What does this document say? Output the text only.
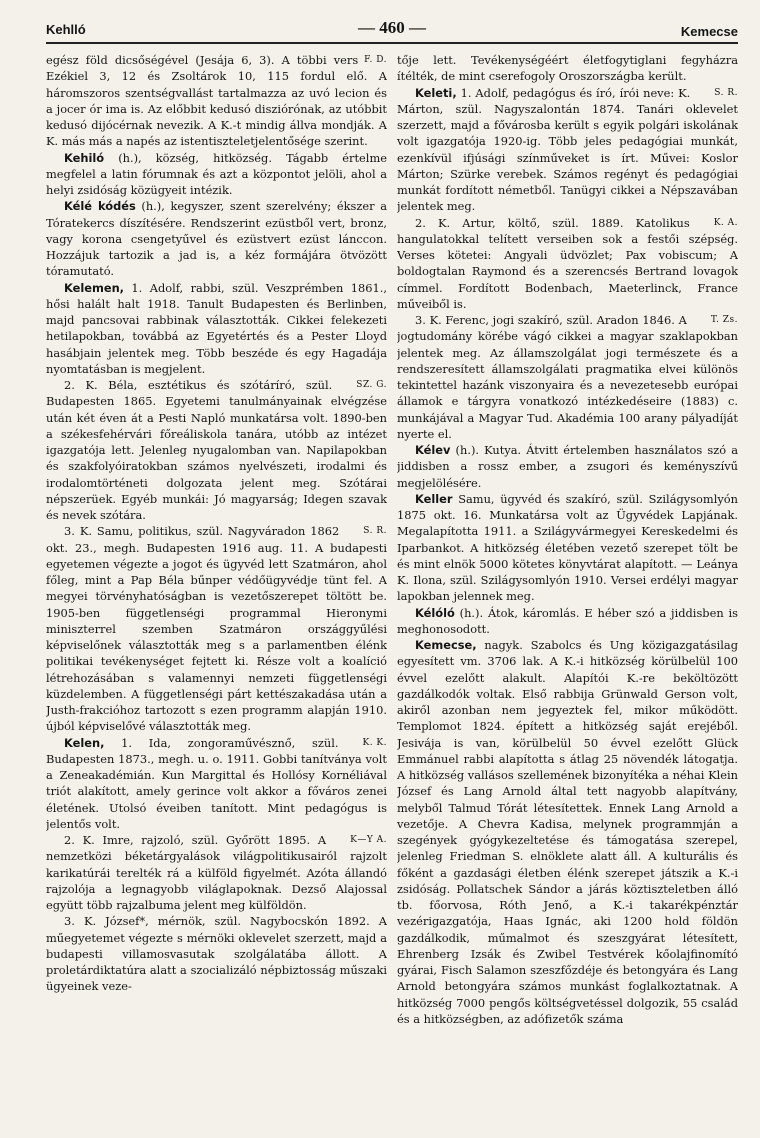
Kehlló	— 460 —	Kemecse

F. D.
egész föld dicsőségével (Jesája 6, 3). A többi vers Ezékiel 3, 12 és Zsoltárok 10, 115 fordul elő. A háromszoros szentségvallást tartalmazza az uvó lecion és a jocer ór ima is. Az előbbit kedusó disziórónak, az utóbbit kedusó dijócérnak nevezik. A K.-t mindig állva mondják. A K. más más a napés az istentiszteletjelentősége szerint.

Kehiló (h.), község, hitközség. Tágabb értelme megfelel a latin fórumnak és azt a központot jelöli, ahol a helyi zsidóság közügyeit intézik.

Kélé kódés (h.), kegyszer, szent szerelvény; ékszer a Tóratekercs díszítésére. Rendszerint ezüstből vert, bronz, vagy korona csengetyűvel és ezüstvert ezüst lánccon. Hozzájuk tartozik a jad is, a kéz formájára ötvözött tóramutató.

Kelemen, 1. Adolf, rabbi, szül. Veszprémben 1861., hősi halált halt 1918. Tanult Budapesten és Berlinben, majd pancsovai rabbinak választották. Cikkei felekezeti hetilapokban, továbbá az Egyetértés és a Pester Lloyd hasábjain jelentek meg. Több beszéde és egy Hagadája nyomtatásban is megjelent.

SZ. G.
2. K. Béla, esztétikus és szótáríró, szül. Budapesten 1865. Egyetemi tanulmányainak elvégzése után két éven át a Pesti Napló munkatársa volt. 1890-ben a székesfehérvári főreáliskola tanára, utóbb az intézet igazgatója lett. Jelenleg nyugalomban van. Napilapokban és szakfolyóiratokban számos nyelvészeti, irodalmi és irodalomtörténeti dolgozata jelent meg. Szótárai népszerüek. Egyéb munkái: Jó magyarság; Idegen szavak és nevek szótára.

S. R.
3. K. Samu, politikus, szül. Nagyváradon 1862 okt. 23., megh. Budapesten 1916 aug. 11. A budapesti egyetemen végezte a jogot és ügyvéd lett Szatmáron, ahol főleg, mint a Pap Béla bűnper védőügyvédje tünt fel. A megyei törvényhatóságban is vezetőszerepet töltött be. 1905-ben függetlenségi programmal Hieronymi miniszterrel szemben Szatmáron országgyűlési képviselőnek választották meg s a parlamentben élénk politikai tevékenységet fejtett ki. Része volt a koalíció létrehozásában s valamennyi nemzeti függetlenségi küzdelemben. A függetlenségi párt kettészakadása után a Justh-frakcióhoz tartozott s ezen programm alapján 1910. újból képviselővé választották meg.

K. K.
Kelen, 1. Ida, zongoraművésznő, szül. Budapesten 1873., megh. u. o. 1911. Gobbi tanítványa volt a Zeneakadémián. Kun Margittal és Hollósy Kornéliával triót alakított, amely gerince volt akkor a főváros zenei életének. Utolsó éveiben tanított. Mint pedagógus is jelentős volt.

K—Y A.
2. K. Imre, rajzoló, szül. Győrött 1895. A nemzetközi béketárgyalások világpolitikusairól rajzolt karikatúrái terelték rá a külföld figyelmét. Azóta állandó rajzolója a legnagyobb világlapoknak. Dezső Alajossal együtt több rajzalbuma jelent meg külföldön.

3. K. József*, mérnök, szül. Nagybocskón 1892. A műegyetemet végezte s mérnöki oklevelet szerzett, majd a budapesti villamosvasutak szolgálatába állott. A proletárdiktatúra alatt a szocializáló népbiztosság műszaki ügyeinek veze-

tője lett. Tevékenységéért életfogytiglani fegyházra ítélték, de mint cserefogoly Oroszországba került.

S. R.
Keleti, 1. Adolf, pedagógus és író, írói neve: K. Márton, szül. Nagyszalontán 1874. Tanári oklevelet szerzett, majd a fővárosba került s egyik polgári iskolának volt igazgatója 1920-ig. Több jeles pedagógiai munkát, ezenkívül ifjúsági színműveket is írt. Művei: Koslor Márton; Szürke verebek. Számos regényt és pedagógiai munkát fordított németből. Tanügyi cikkei a Népszavában jelentek meg.

K. A.
2. K. Artur, költő, szül. 1889. Katolikus hangulatokkal telített verseiben sok a festői szépség. Verses kötetei: Angyali üdvözlet; Pax vobiscum; A boldogtalan Raymond és a szerencsés Bertrand lovagok címmel. Fordított Bodenbach, Maeterlinck, France műveiből is.

T. Zs.
3. K. Ferenc, jogi szakíró, szül. Aradon 1846. A jogtudomány körébe vágó cikkei a magyar szaklapokban jelentek meg. Az államszolgálat jogi természete és a rendszeresített államszolgálati pragmatika elvei különös tekintettel hazánk viszonyaira és a nevezetesebb európai államok e tárgyra vonatkozó intézkedéseire (1883) c. munkájával a Magyar Tud. Akadémia 100 arany pályadíját nyerte el.

Kélev (h.). Kutya. Átvitt értelemben használatos szó a jiddisben a rossz ember, a zsugori és keményszívű megjelölésére.

Keller Samu, ügyvéd és szakíró, szül. Szilágysomlyón 1875 okt. 16. Munkatársa volt az Ügyvédek Lapjának. Megalapította 1911. a Szilágyvármegyei Kereskedelmi és Iparbankot. A hitközség életében vezető szerepet tölt be és mint elnök 5000 kötetes könyvtárat alapított. — Leánya K. Ilona, szül. Szilágysomlyón 1910. Versei erdélyi magyar lapokban jelennek meg.

Kélóló (h.). Átok, káromlás. E héber szó a jiddisben is meghonosodott.

Kemecse, nagyk. Szabolcs és Ung közigazgatásilag egyesített vm. 3706 lak. A K.-i hitközség körülbelül 100 évvel ezelőtt alakult. Alapítói K.-re beköltözött gazdálkodók voltak. Első rabbija Grünwald Gerson volt, akiről azonban nem jegyeztek fel, mikor működött. Templomot 1824. épített a hitközség saját erejéből. Jesivája is van, körülbelül 50 évvel ezelőtt Glück Emmánuel rabbi alapította s átlag 25 növendék látogatja. A hitközség vallásos szellemének bizonyítéka a néhai Klein József és Lang Arnold által tett nagyobb alapítvány, melyből Talmud Tórát létesítettek. Ennek Lang Arnold a vezetője. A Chevra Kadisa, melynek programmján a szegények gyógykezeltetése és támogatása szerepel, jelenleg Friedman S. elnöklete alatt áll. A kulturális és főként a gazdasági életben élénk szerepet játszik a K.-i zsidóság. Pollatschek Sándor a járás köztiszteletben álló tb. főorvosa, Róth Jenő, a K.-i takarékpénztár vezérigazgatója, Haas Ignác, aki 1200 hold földön gazdálkodik, műmalmot és szeszgyárat létesített, Ehrenberg Izsák és Zwibel Testvérek kőolajfinomító gyárai, Fisch Salamon szeszfőzdéje és betongyára és Lang Arnold betongyára számos munkást foglalkoztatnak. A hitközség 7000 pengős költségvetéssel dolgozik, 55 család és a hitközségben, az adófizetők száma
